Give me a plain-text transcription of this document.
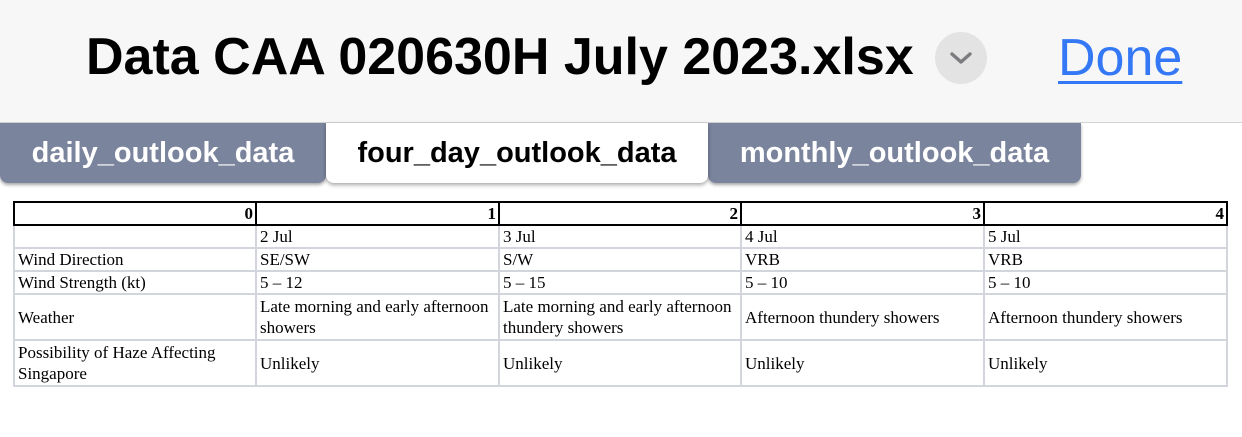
Data CAA 020630H July 2023.xlsx	Done
daily_outlook_data	four_day_outlook_data	monthly_outlook_data
0	1	2	3	4
	2 Jul	3 Jul	4 Jul	5 Jul
Wind Direction	SE/SW	S/W	VRB	VRB
Wind Strength (kt)	5 – 12	5 – 15	5 – 10	5 – 10
Weather	Late morning and early afternoon showers	Late morning and early afternoon thundery showers	Afternoon thundery showers	Afternoon thundery showers
Possibility of Haze Affecting Singapore	Unlikely	Unlikely	Unlikely	Unlikely
